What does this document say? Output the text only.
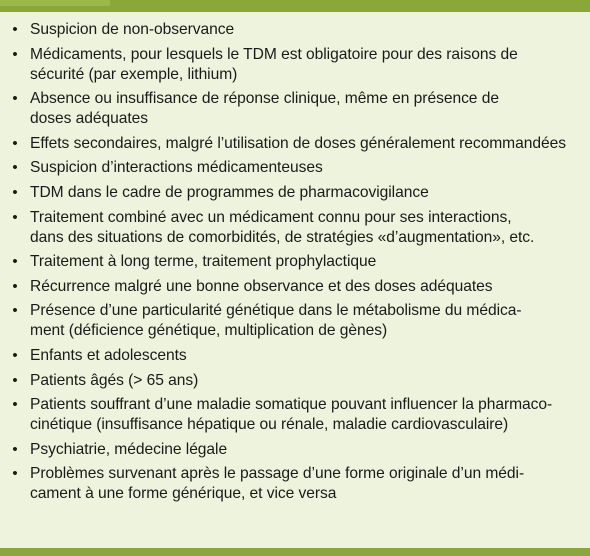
• Suspicion de non-observance
• Médicaments, pour lesquels le TDM est obligatoire pour des raisons de
sécurité (par exemple, lithium)
• Absence ou insuffisance de réponse clinique, même en présence de
doses adéquates
• Effets secondaires, malgré l’utilisation de doses généralement recommandées
• Suspicion d’interactions médicamenteuses
• TDM dans le cadre de programmes de pharmacovigilance
• Traitement combiné avec un médicament connu pour ses interactions,
dans des situations de comorbidités, de stratégies «d’augmentation», etc.
• Traitement à long terme, traitement prophylactique
• Récurrence malgré une bonne observance et des doses adéquates
• Présence d’une particularité génétique dans le métabolisme du médica-
ment (déficience génétique, multiplication de gènes)
• Enfants et adolescents
• Patients âgés (> 65 ans)
• Patients souffrant d’une maladie somatique pouvant influencer la pharmaco-
cinétique (insuffisance hépatique ou rénale, maladie cardiovasculaire)
• Psychiatrie, médecine légale
• Problèmes survenant après le passage d’une forme originale d’un médi-
cament à une forme générique, et vice versa
